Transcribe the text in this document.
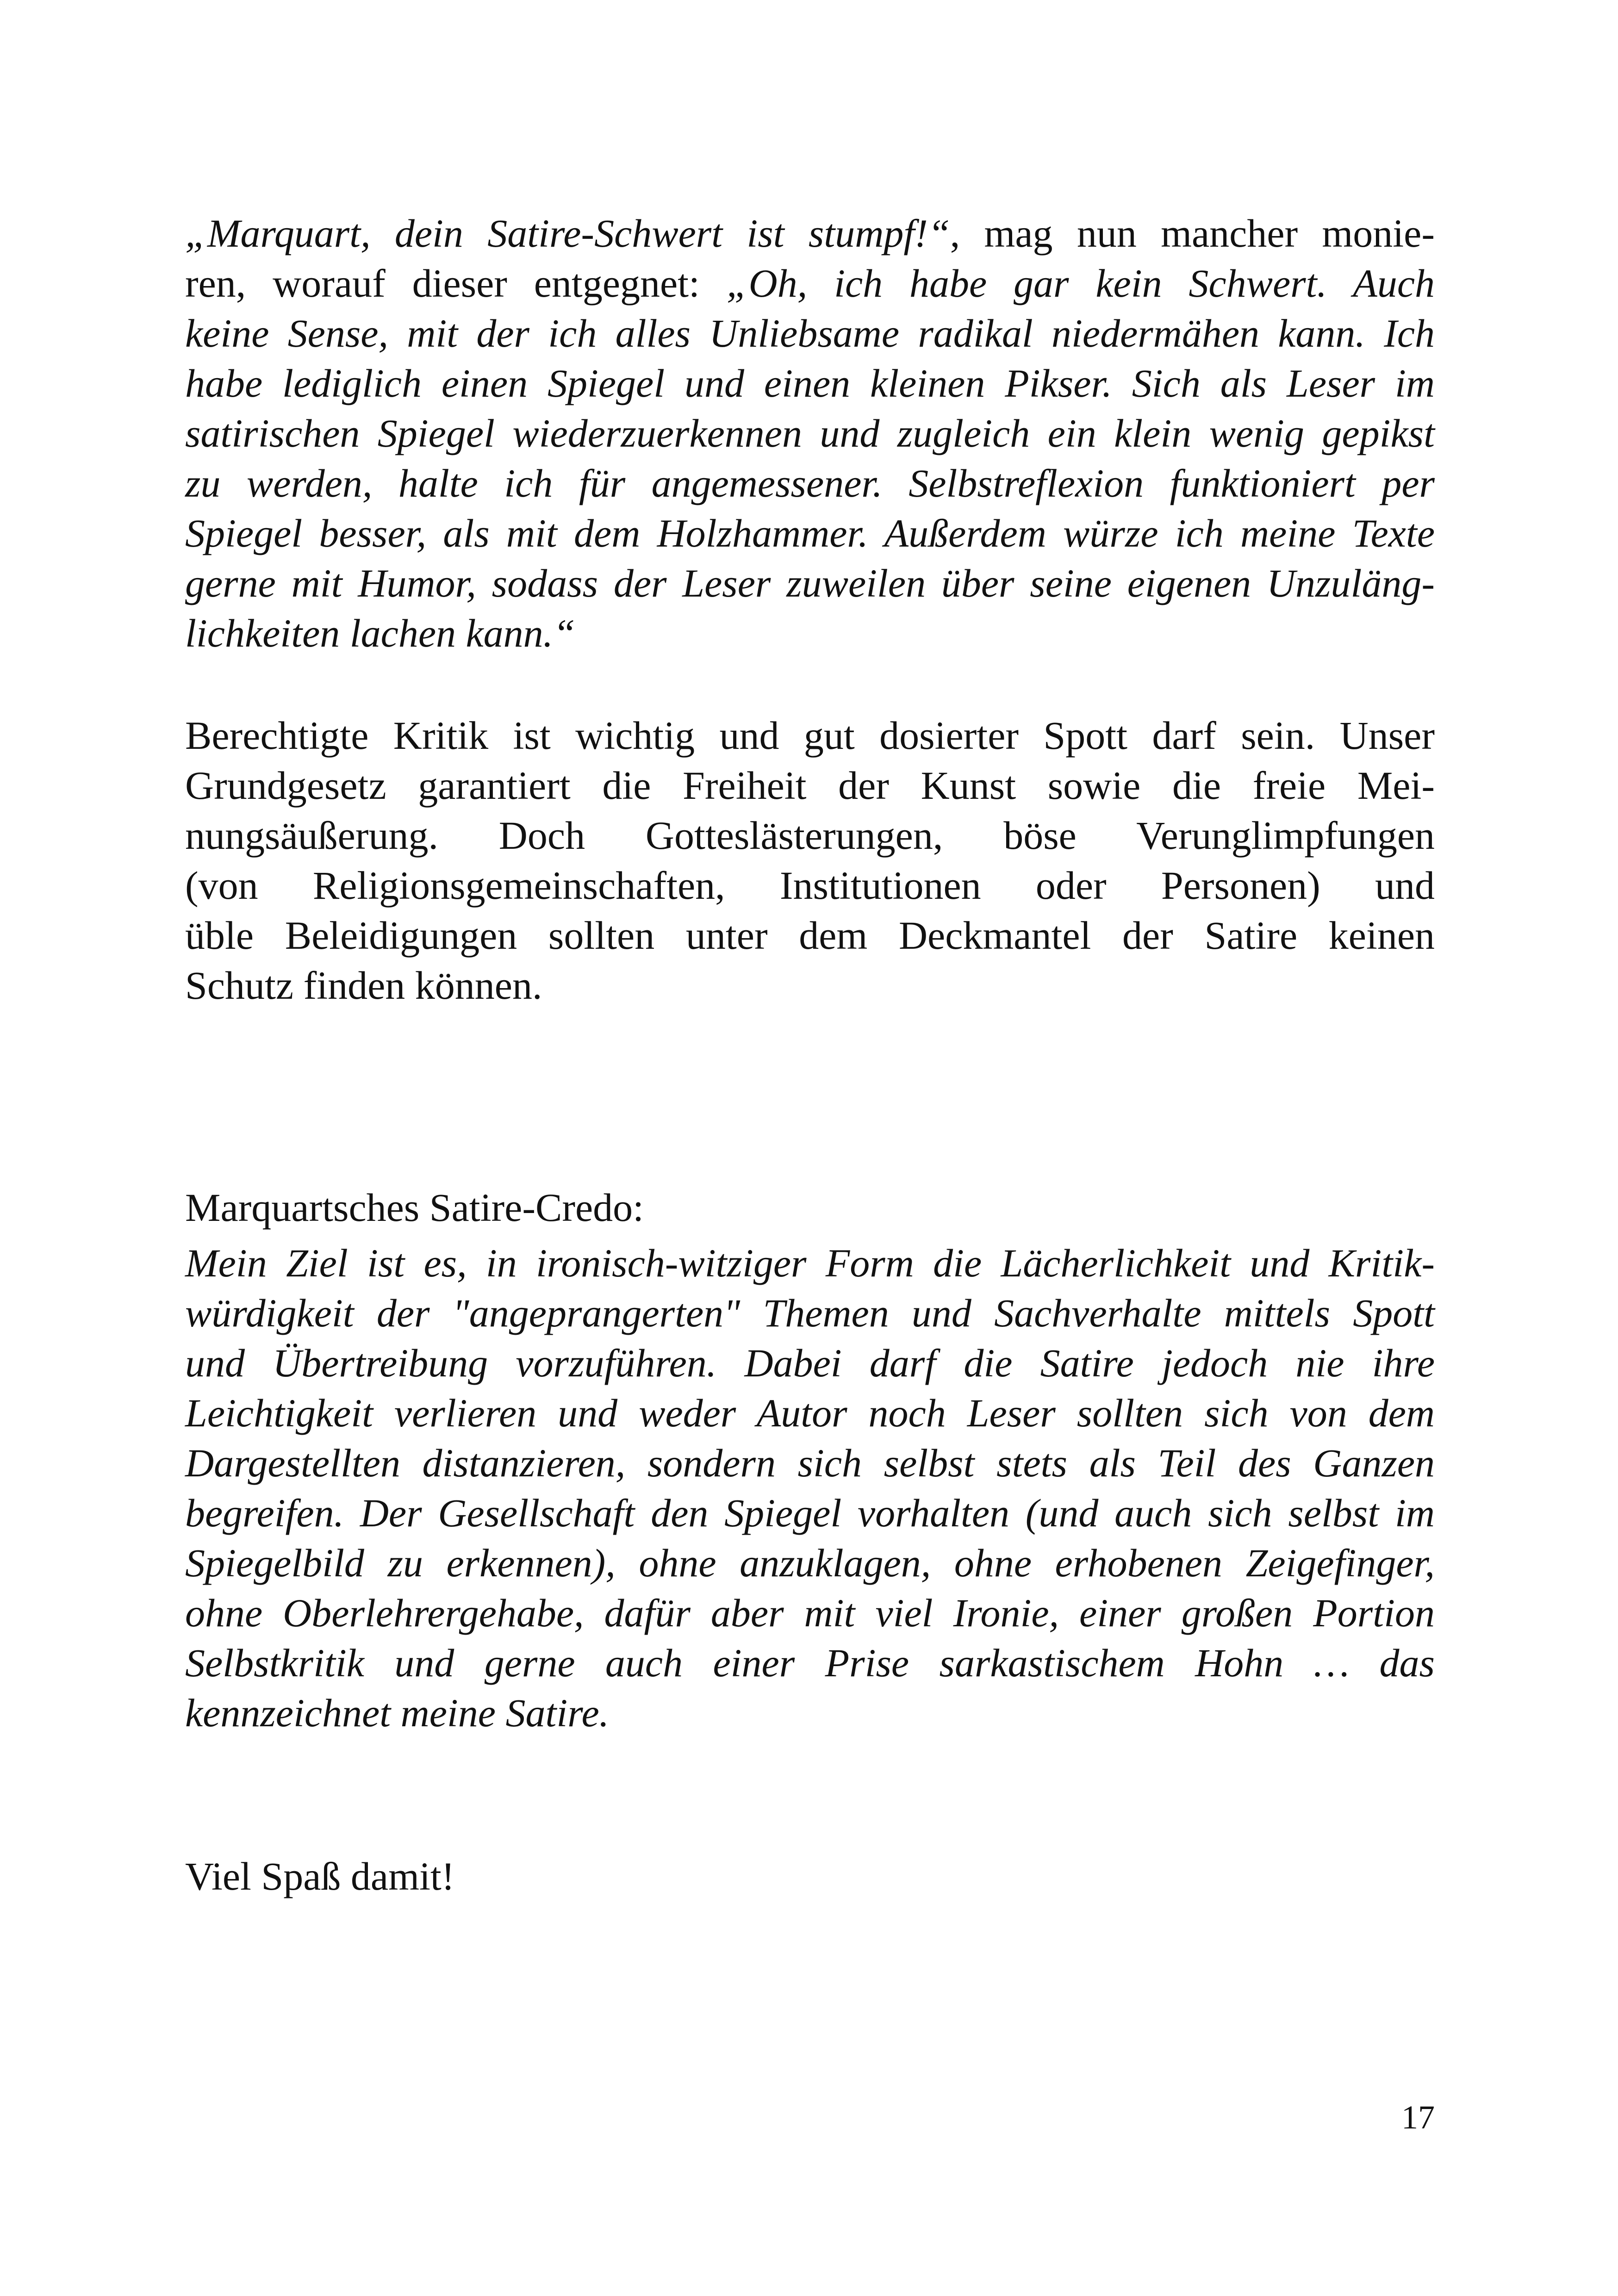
„Marquart, dein Satire-Schwert ist stumpf!“, mag nun mancher monie-
ren, worauf dieser entgegnet: „Oh, ich habe gar kein Schwert. Auch
keine Sense, mit der ich alles Unliebsame radikal niedermähen kann. Ich
habe lediglich einen Spiegel und einen kleinen Pikser. Sich als Leser im
satirischen Spiegel wiederzuerkennen und zugleich ein klein wenig gepikst
zu werden, halte ich für angemessener. Selbstreflexion funktioniert per
Spiegel besser, als mit dem Holzhammer. Außerdem würze ich meine Texte
gerne mit Humor, sodass der Leser zuweilen über seine eigenen Unzuläng-
lichkeiten lachen kann.“
Berechtigte Kritik ist wichtig und gut dosierter Spott darf sein. Unser
Grundgesetz garantiert die Freiheit der Kunst sowie die freie Mei-
nungsäußerung. Doch Gotteslästerungen, böse Verunglimpfungen
(von Religionsgemeinschaften, Institutionen oder Personen) und
üble Beleidigungen sollten unter dem Deckmantel der Satire keinen
Schutz finden können.
Marquartsches Satire-Credo:
Mein Ziel ist es, in ironisch-witziger Form die Lächerlichkeit und Kritik-
würdigkeit der "angeprangerten" Themen und Sachverhalte mittels Spott
und Übertreibung vorzuführen. Dabei darf die Satire jedoch nie ihre
Leichtigkeit verlieren und weder Autor noch Leser sollten sich von dem
Dargestellten distanzieren, sondern sich selbst stets als Teil des Ganzen
begreifen. Der Gesellschaft den Spiegel vorhalten (und auch sich selbst im
Spiegelbild zu erkennen), ohne anzuklagen, ohne erhobenen Zeigefinger,
ohne Oberlehrergehabe, dafür aber mit viel Ironie, einer großen Portion
Selbstkritik und gerne auch einer Prise sarkastischem Hohn … das
kennzeichnet meine Satire.
Viel Spaß damit!
17
